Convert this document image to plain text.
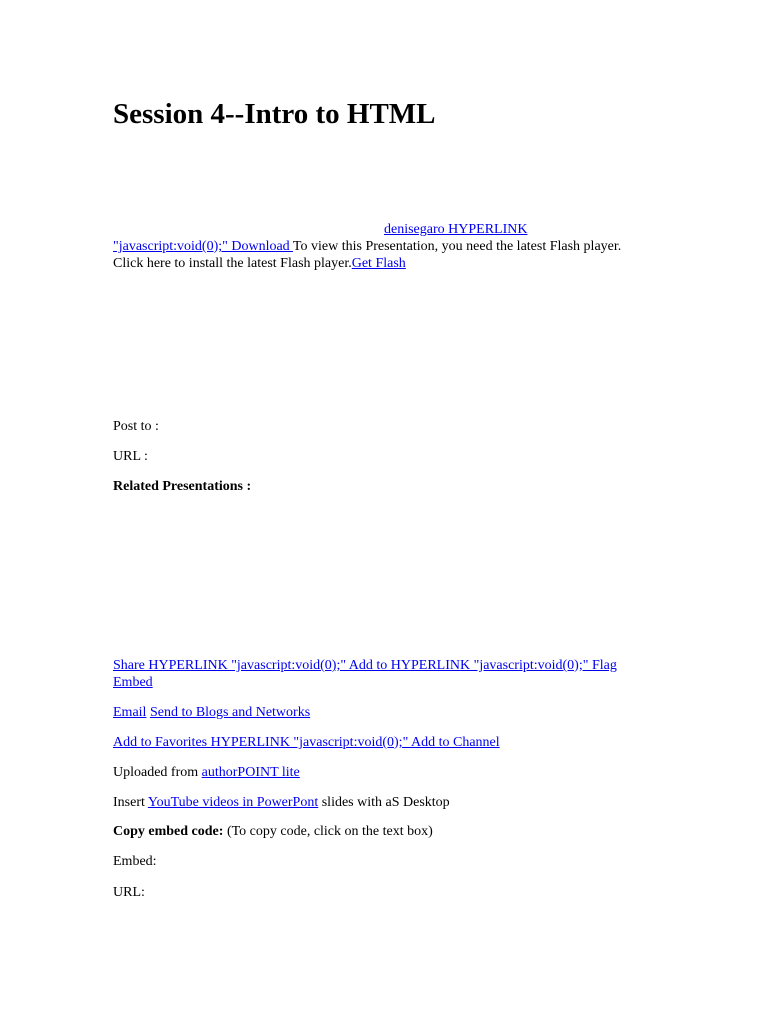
Session 4--Intro to HTML
denisegaro HYPERLINK
"javascript:void(0);" Download To view this Presentation, you need the latest Flash player.
Click here to install the latest Flash player.Get Flash
Post to :
URL :
Related Presentations :
Share HYPERLINK "javascript:void(0);" Add to HYPERLINK "javascript:void(0);" Flag
Embed
Email Send to Blogs and Networks
Add to Favorites HYPERLINK "javascript:void(0);" Add to Channel
Uploaded from authorPOINT lite
Insert YouTube videos in PowerPont slides with aS Desktop
Copy embed code: (To copy code, click on the text box)
Embed:
URL:
